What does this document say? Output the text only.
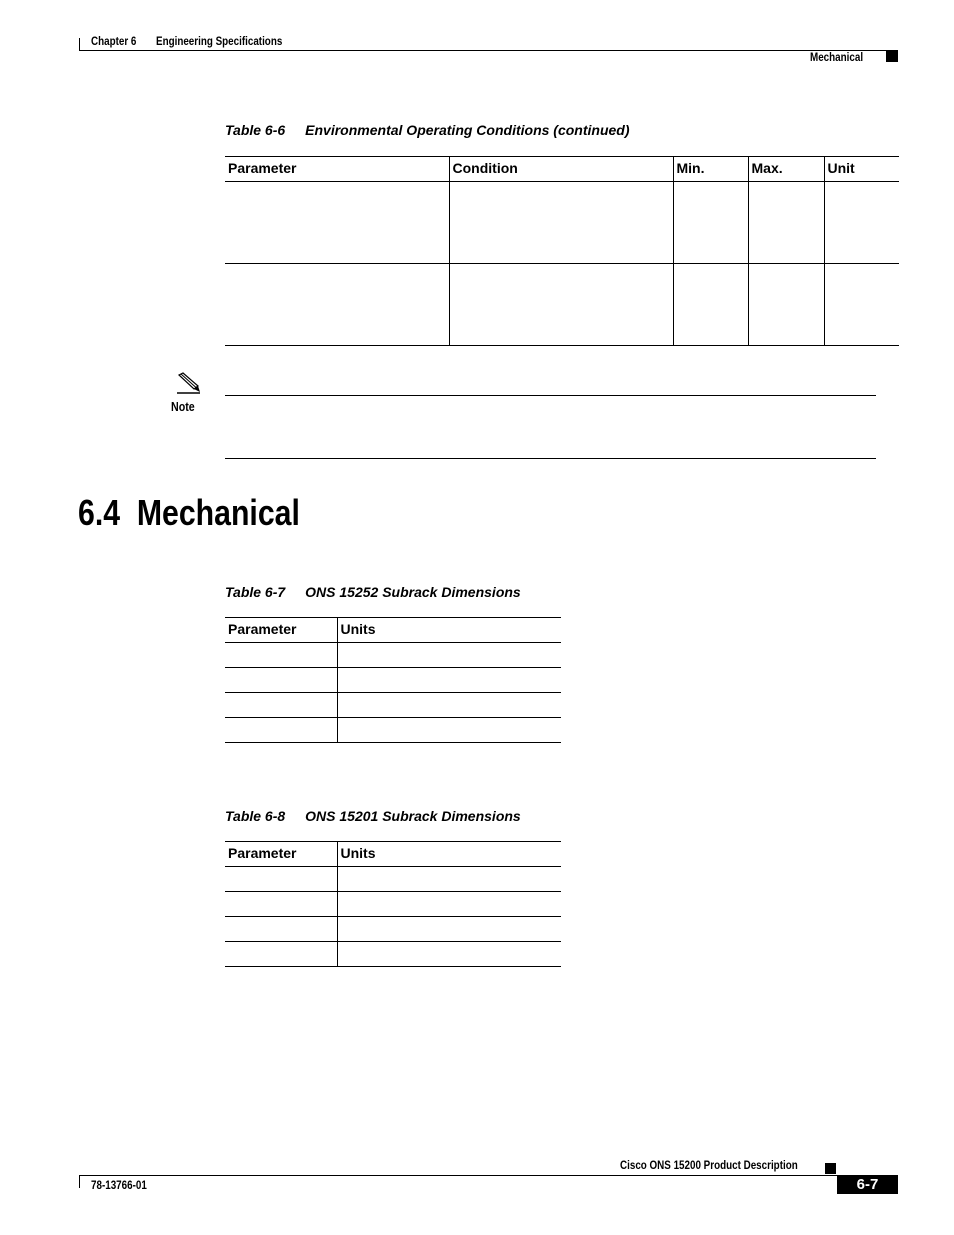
Chapter 6 Engineering Specifications
Mechanical
Table 6-6 Environmental Operating Conditions (continued)
Parameter	Condition	Min.	Max.	Unit

Note
6.4  Mechanical
Table 6-7 ONS 15252 Subrack Dimensions
Parameter	Units

Table 6-8 ONS 15201 Subrack Dimensions
Parameter	Units

Cisco ONS 15200 Product Description
78-13766-01	6-7
